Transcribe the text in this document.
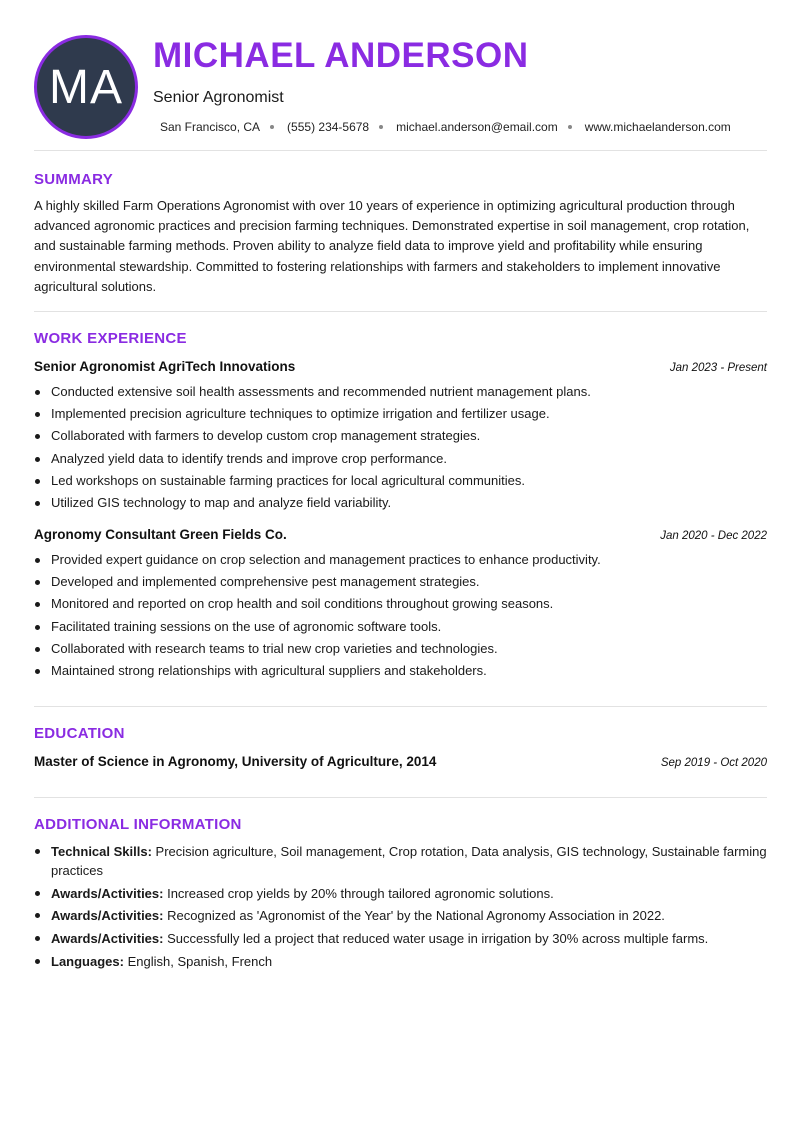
MA
MICHAEL ANDERSON
Senior Agronomist
San Francisco, CA (555) 234-5678 michael.anderson@email.com www.michaelanderson.com
SUMMARY
A highly skilled Farm Operations Agronomist with over 10 years of experience in optimizing agricultural production through advanced agronomic practices and precision farming techniques. Demonstrated expertise in soil management, crop rotation, and sustainable farming methods. Proven ability to analyze field data to improve yield and profitability while ensuring environmental stewardship. Committed to fostering relationships with farmers and stakeholders to implement innovative agricultural solutions.
WORK EXPERIENCE
Senior Agronomist AgriTech Innovations	Jan 2023 - Present
Conducted extensive soil health assessments and recommended nutrient management plans.
Implemented precision agriculture techniques to optimize irrigation and fertilizer usage.
Collaborated with farmers to develop custom crop management strategies.
Analyzed yield data to identify trends and improve crop performance.
Led workshops on sustainable farming practices for local agricultural communities.
Utilized GIS technology to map and analyze field variability.
Agronomy Consultant Green Fields Co.	Jan 2020 - Dec 2022
Provided expert guidance on crop selection and management practices to enhance productivity.
Developed and implemented comprehensive pest management strategies.
Monitored and reported on crop health and soil conditions throughout growing seasons.
Facilitated training sessions on the use of agronomic software tools.
Collaborated with research teams to trial new crop varieties and technologies.
Maintained strong relationships with agricultural suppliers and stakeholders.
EDUCATION
Master of Science in Agronomy, University of Agriculture, 2014	Sep 2019 - Oct 2020
ADDITIONAL INFORMATION
Technical Skills: Precision agriculture, Soil management, Crop rotation, Data analysis, GIS technology, Sustainable farming practices
Awards/Activities: Increased crop yields by 20% through tailored agronomic solutions.
Awards/Activities: Recognized as 'Agronomist of the Year' by the National Agronomy Association in 2022.
Awards/Activities: Successfully led a project that reduced water usage in irrigation by 30% across multiple farms.
Languages: English, Spanish, French
